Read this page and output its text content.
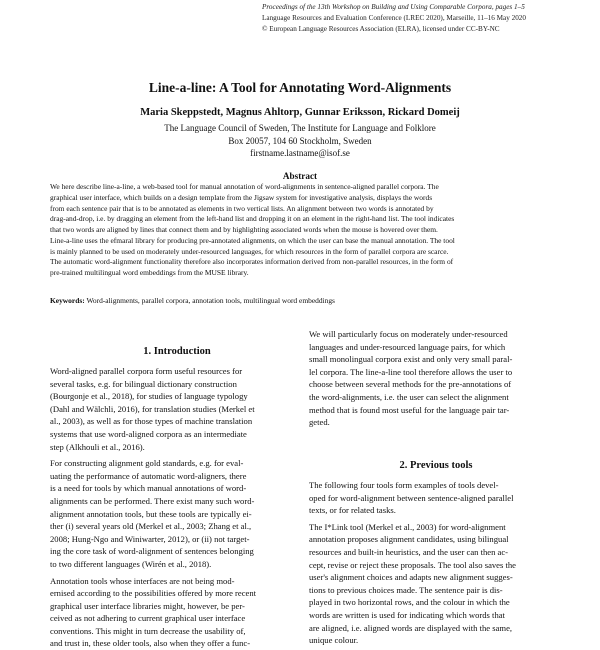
Proceedings of the 13th Workshop on Building and Using Comparable Corpora, pages 1–5
Language Resources and Evaluation Conference (LREC 2020), Marseille, 11–16 May 2020
© European Language Resources Association (ELRA), licensed under CC-BY-NC
Line-a-line: A Tool for Annotating Word-Alignments
Maria Skeppstedt, Magnus Ahltorp, Gunnar Eriksson, Rickard Domeij
The Language Council of Sweden, The Institute for Language and Folklore
Box 20057, 104 60 Stockholm, Sweden
firstname.lastname@isof.se
Abstract
We here describe line-a-line, a web-based tool for manual annotation of word-alignments in sentence-aligned parallel corpora. The
graphical user interface, which builds on a design template from the Jigsaw system for investigative analysis, displays the words
from each sentence pair that is to be annotated as elements in two vertical lists. An alignment between two words is annotated by
drag-and-drop, i.e. by dragging an element from the left-hand list and dropping it on an element in the right-hand list. The tool indicates
that two words are aligned by lines that connect them and by highlighting associated words when the mouse is hovered over them.
Line-a-line uses the efmaral library for producing pre-annotated alignments, on which the user can base the manual annotation. The tool
is mainly planned to be used on moderately under-resourced languages, for which resources in the form of parallel corpora are scarce.
The automatic word-alignment functionality therefore also incorporates information derived from non-parallel resources, in the form of
pre-trained multilingual word embeddings from the MUSE library.
Keywords: Word-alignments, parallel corpora, annotation tools, multilingual word embeddings
1. Introduction
Word-aligned parallel corpora form useful resources for
several tasks, e.g. for bilingual dictionary construction
(Bourgonje et al., 2018), for studies of language typology
(Dahl and Wälchli, 2016), for translation studies (Merkel et
al., 2003), as well as for those types of machine translation
systems that use word-aligned corpora as an intermediate
step (Alkhouli et al., 2016).
For constructing alignment gold standards, e.g. for eval-
uating the performance of automatic word-aligners, there
is a need for tools by which manual annotations of word-
alignments can be performed. There exist many such word-
alignment annotation tools, but these tools are typically ei-
ther (i) several years old (Merkel et al., 2003; Zhang et al.,
2008; Hung-Ngo and Winiwarter, 2012), or (ii) not target-
ing the core task of word-alignment of sentences belonging
to two different languages (Wirén et al., 2018).
Annotation tools whose interfaces are not being mod-
ernised according to the possibilities offered by more recent
graphical user interface libraries might, however, be per-
ceived as not adhering to current graphical user interface
conventions. This might in turn decrease the usability of,
and trust in, these older tools, also when they offer a func-
We will particularly focus on moderately under-resourced
languages and under-resourced language pairs, for which
small monolingual corpora exist and only very small paral-
lel corpora. The line-a-line tool therefore allows the user to
choose between several methods for the pre-annotations of
the word-alignments, i.e. the user can select the alignment
method that is found most useful for the language pair tar-
geted.
2. Previous tools
The following four tools form examples of tools devel-
oped for word-alignment between sentence-aligned parallel
texts, or for related tasks.
The I*Link tool (Merkel et al., 2003) for word-alignment
annotation proposes alignment candidates, using bilingual
resources and built-in heuristics, and the user can then ac-
cept, revise or reject these proposals. The tool also saves the
user's alignment choices and adapts new alignment sugges-
tions to previous choices made. The sentence pair is dis-
played in two horizontal rows, and the colour in which the
words are written is used for indicating which words that
are aligned, i.e. aligned words are displayed with the same,
unique colour.
